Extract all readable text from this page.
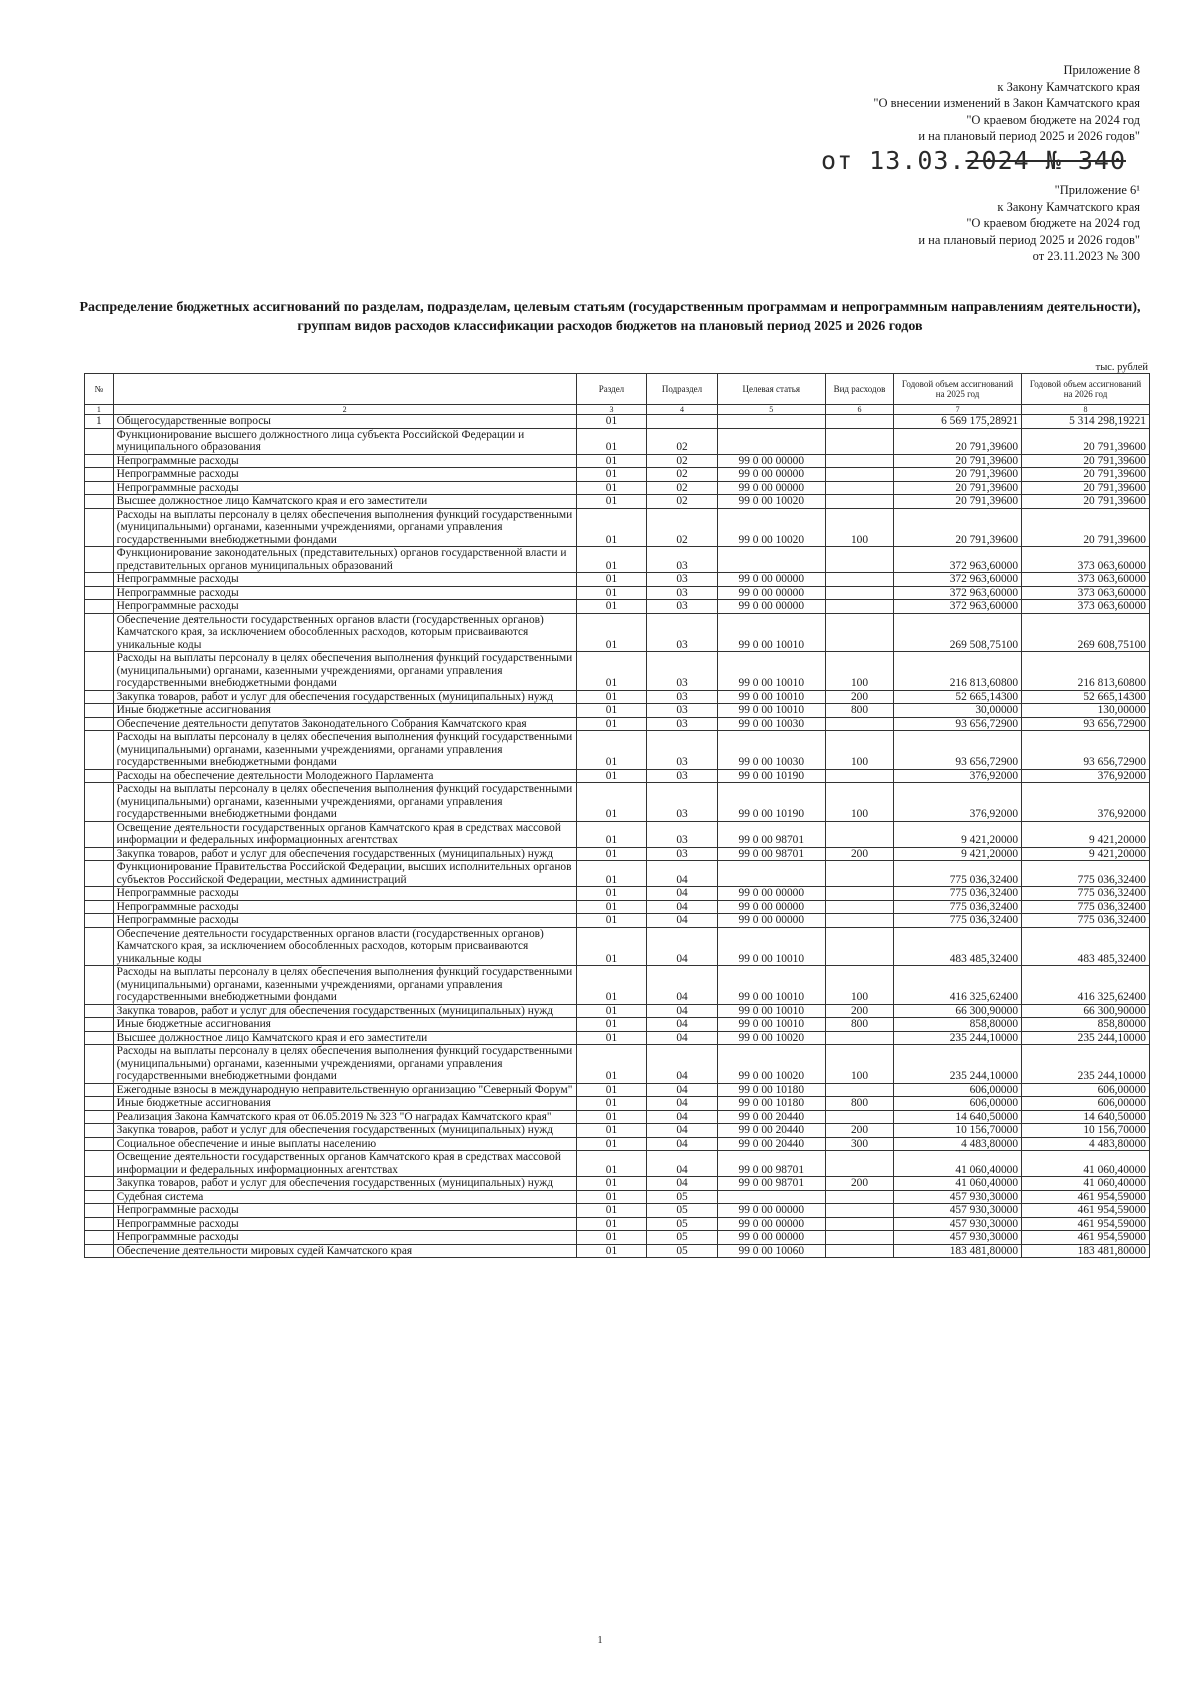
Приложение 8
к Закону Камчатского края
"О внесении изменений в Закон Камчатского края
"О краевом бюджете на 2024 год
и на плановый период 2025 и 2026 годов"
от 13.03.2024 № 340
"Приложение 6¹
к Закону Камчатского края
"О краевом бюджете на 2024 год
и на плановый период 2025 и 2026 годов"
от 23.11.2023 № 300
Распределение бюджетных ассигнований по разделам, подразделам, целевым статьям (государственным программам и непрограммным направлениям деятельности), группам видов расходов классификации расходов бюджетов на плановый период 2025 и 2026 годов
тыс. рублей
№		Раздел	Подраздел	Целевая статья	Вид расходов	Годовой объем ассигнований на 2025 год	Годовой объем ассигнований на 2026 год
1	2	3	4	5	6	7	8
1	Общегосударственные вопросы	01				6 569 175,28921	5 314 298,19221
	Функционирование высшего должностного лица субъекта Российской Федерации и муниципального образования	01	02			20 791,39600	20 791,39600
	Непрограммные расходы	01	02	99 0 00 00000		20 791,39600	20 791,39600
	Непрограммные расходы	01	02	99 0 00 00000		20 791,39600	20 791,39600
	Непрограммные расходы	01	02	99 0 00 00000		20 791,39600	20 791,39600
	Высшее должностное лицо Камчатского края и его заместители	01	02	99 0 00 10020		20 791,39600	20 791,39600
	Расходы на выплаты персоналу в целях обеспечения выполнения функций государственными (муниципальными) органами, казенными учреждениями, органами управления государственными внебюджетными фондами	01	02	99 0 00 10020	100	20 791,39600	20 791,39600
	Функционирование законодательных (представительных) органов государственной власти и представительных органов муниципальных образований	01	03			372 963,60000	373 063,60000
	Непрограммные расходы	01	03	99 0 00 00000		372 963,60000	373 063,60000
	Непрограммные расходы	01	03	99 0 00 00000		372 963,60000	373 063,60000
	Непрограммные расходы	01	03	99 0 00 00000		372 963,60000	373 063,60000
	Обеспечение деятельности государственных органов власти (государственных органов) Камчатского края, за исключением обособленных расходов, которым присваиваются уникальные коды	01	03	99 0 00 10010		269 508,75100	269 608,75100
	Расходы на выплаты персоналу в целях обеспечения выполнения функций государственными (муниципальными) органами, казенными учреждениями, органами управления государственными внебюджетными фондами	01	03	99 0 00 10010	100	216 813,60800	216 813,60800
	Закупка товаров, работ и услуг для обеспечения государственных (муниципальных) нужд	01	03	99 0 00 10010	200	52 665,14300	52 665,14300
	Иные бюджетные ассигнования	01	03	99 0 00 10010	800	30,00000	130,00000
	Обеспечение деятельности депутатов Законодательного Собрания Камчатского края	01	03	99 0 00 10030		93 656,72900	93 656,72900
	Расходы на выплаты персоналу в целях обеспечения выполнения функций государственными (муниципальными) органами, казенными учреждениями, органами управления государственными внебюджетными фондами	01	03	99 0 00 10030	100	93 656,72900	93 656,72900
	Расходы на обеспечение деятельности Молодежного Парламента	01	03	99 0 00 10190		376,92000	376,92000
	Расходы на выплаты персоналу в целях обеспечения выполнения функций государственными (муниципальными) органами, казенными учреждениями, органами управления государственными внебюджетными фондами	01	03	99 0 00 10190	100	376,92000	376,92000
	Освещение деятельности государственных органов Камчатского края в средствах массовой информации и федеральных информационных агентствах	01	03	99 0 00 98701		9 421,20000	9 421,20000
	Закупка товаров, работ и услуг для обеспечения государственных (муниципальных) нужд	01	03	99 0 00 98701	200	9 421,20000	9 421,20000
	Функционирование Правительства Российской Федерации, высших исполнительных органов субъектов Российской Федерации, местных администраций	01	04			775 036,32400	775 036,32400
	Непрограммные расходы	01	04	99 0 00 00000		775 036,32400	775 036,32400
	Непрограммные расходы	01	04	99 0 00 00000		775 036,32400	775 036,32400
	Непрограммные расходы	01	04	99 0 00 00000		775 036,32400	775 036,32400
	Обеспечение деятельности государственных органов власти (государственных органов) Камчатского края, за исключением обособленных расходов, которым присваиваются уникальные коды	01	04	99 0 00 10010		483 485,32400	483 485,32400
	Расходы на выплаты персоналу в целях обеспечения выполнения функций государственными (муниципальными) органами, казенными учреждениями, органами управления государственными внебюджетными фондами	01	04	99 0 00 10010	100	416 325,62400	416 325,62400
	Закупка товаров, работ и услуг для обеспечения государственных (муниципальных) нужд	01	04	99 0 00 10010	200	66 300,90000	66 300,90000
	Иные бюджетные ассигнования	01	04	99 0 00 10010	800	858,80000	858,80000
	Высшее должностное лицо Камчатского края и его заместители	01	04	99 0 00 10020		235 244,10000	235 244,10000
	Расходы на выплаты персоналу в целях обеспечения выполнения функций государственными (муниципальными) органами, казенными учреждениями, органами управления государственными внебюджетными фондами	01	04	99 0 00 10020	100	235 244,10000	235 244,10000
	Ежегодные взносы в международную неправительственную организацию "Северный Форум"	01	04	99 0 00 10180		606,00000	606,00000
	Иные бюджетные ассигнования	01	04	99 0 00 10180	800	606,00000	606,00000
	Реализация Закона Камчатского края от 06.05.2019 № 323 "О наградах Камчатского края"	01	04	99 0 00 20440		14 640,50000	14 640,50000
	Закупка товаров, работ и услуг для обеспечения государственных (муниципальных) нужд	01	04	99 0 00 20440	200	10 156,70000	10 156,70000
	Социальное обеспечение и иные выплаты населению	01	04	99 0 00 20440	300	4 483,80000	4 483,80000
	Освещение деятельности государственных органов Камчатского края в средствах массовой информации и федеральных информационных агентствах	01	04	99 0 00 98701		41 060,40000	41 060,40000
	Закупка товаров, работ и услуг для обеспечения государственных (муниципальных) нужд	01	04	99 0 00 98701	200	41 060,40000	41 060,40000
	Судебная система	01	05			457 930,30000	461 954,59000
	Непрограммные расходы	01	05	99 0 00 00000		457 930,30000	461 954,59000
	Непрограммные расходы	01	05	99 0 00 00000		457 930,30000	461 954,59000
	Непрограммные расходы	01	05	99 0 00 00000		457 930,30000	461 954,59000
	Обеспечение деятельности мировых судей Камчатского края	01	05	99 0 00 10060		183 481,80000	183 481,80000
1
